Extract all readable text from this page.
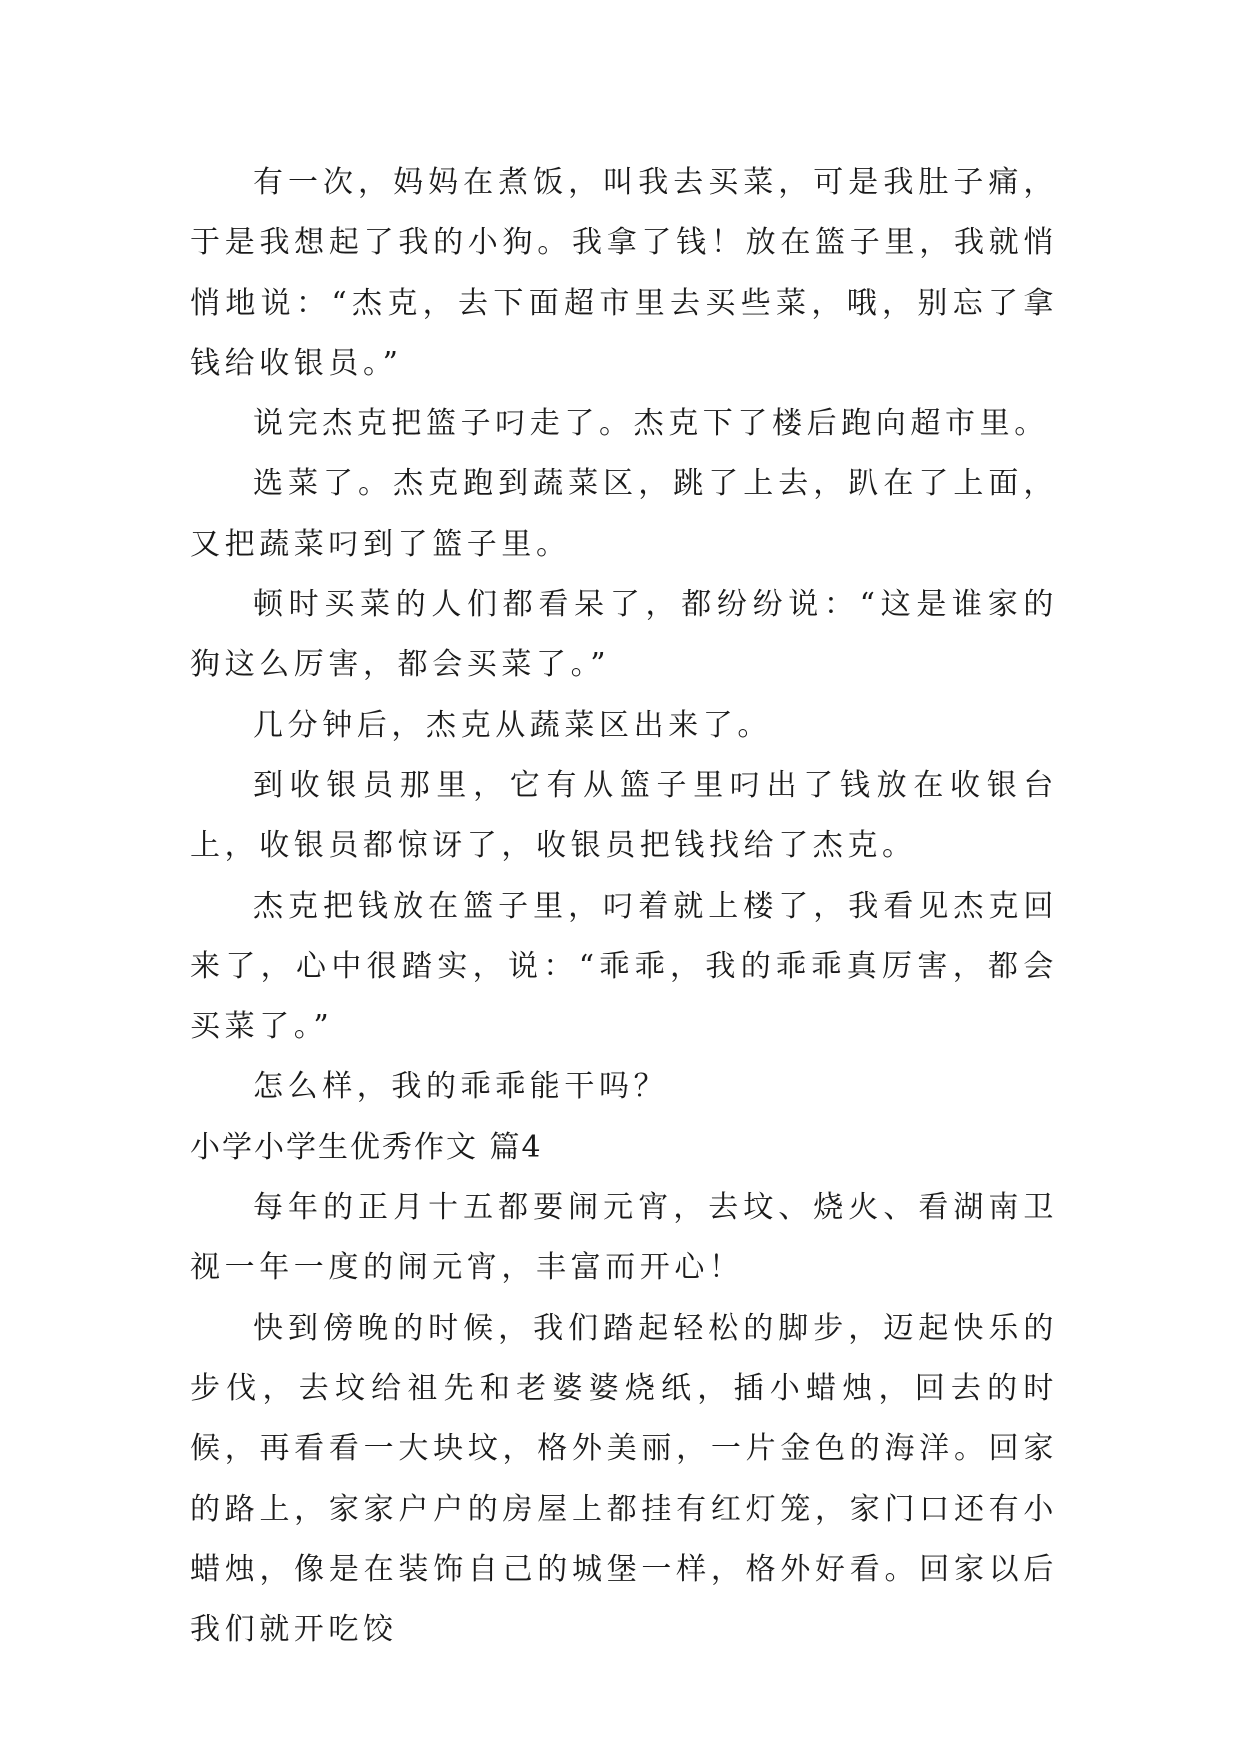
有一次，妈妈在煮饭，叫我去买菜，可是我肚子痛，于是我想起了我的小狗。我拿了钱！放在篮子里，我就悄悄地说：“杰克，去下面超市里去买些菜，哦，别忘了拿钱给收银员。”

说完杰克把篮子叼走了。杰克下了楼后跑向超市里。

选菜了。杰克跑到蔬菜区，跳了上去，趴在了上面，又把蔬菜叼到了篮子里。

顿时买菜的人们都看呆了，都纷纷说：“这是谁家的狗这么厉害，都会买菜了。”

几分钟后，杰克从蔬菜区出来了。

到收银员那里，它有从篮子里叼出了钱放在收银台上，收银员都惊讶了，收银员把钱找给了杰克。

杰克把钱放在篮子里，叼着就上楼了，我看见杰克回来了，心中很踏实，说：“乖乖，我的乖乖真厉害，都会买菜了。”

怎么样，我的乖乖能干吗？

小学小学生优秀作文 篇4

每年的正月十五都要闹元宵，去坟、烧火、看湖南卫视一年一度的闹元宵，丰富而开心！

快到傍晚的时候，我们踏起轻松的脚步，迈起快乐的步伐，去坟给祖先和老婆婆烧纸，插小蜡烛，回去的时候，再看看一大块坟，格外美丽，一片金色的海洋。回家的路上，家家户户的房屋上都挂有红灯笼，家门口还有小蜡烛，像是在装饰自己的城堡一样，格外好看。回家以后我们就开吃饺
